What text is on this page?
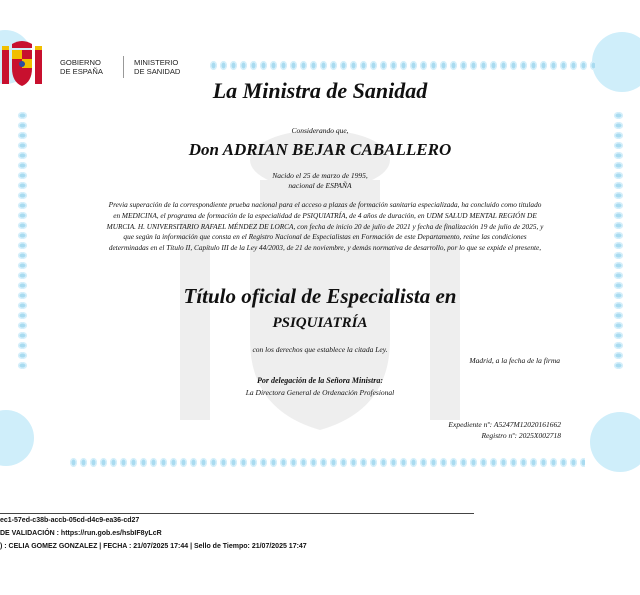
GOBIERNO
DE ESPAÑA
MINISTERIO
DE SANIDAD
La Ministra de Sanidad
Considerando que,
Don ADRIAN BEJAR CABALLERO
Nacido el 25 de marzo de 1995,
nacional de ESPAÑA
Previa superación de la correspondiente prueba nacional para el acceso a plazas de formación sanitaria especializada, ha concluido como titulado en MEDICINA, el programa de formación de la especialidad de PSIQUIATRÍA, de 4 años de duración, en UDM SALUD MENTAL REGIÓN DE MURCIA. H. UNIVERSITARIO RAFAEL MÉNDEZ DE LORCA, con fecha de inicio 20 de julio de 2021 y fecha de finalización 19 de julio de 2025, y que según la información que consta en el Registro Nacional de Especialistas en Formación de este Departamento, reúne las condiciones determinadas en el Título II, Capítulo III de la Ley 44/2003, de 21 de noviembre, y demás normativa de desarrollo, por lo que se expide el presente,
Título oficial de Especialista en
PSIQUIATRÍA
con los derechos que establece la citada Ley.
Madrid, a la fecha de la firma
Por delegación de la Señora Ministra:
La Directora General de Ordenación Profesional
Expediente nº: A5247M12020161662
Registro nº: 2025X002718
ec1-57ed-c38b-accb-05cd-d4c9-ea36-cd27
DE VALIDACIÓN : https://run.gob.es/hsbIF8yLcR
) : CELIA GOMEZ GONZALEZ | FECHA : 21/07/2025 17:44 | Sello de Tiempo: 21/07/2025 17:47
